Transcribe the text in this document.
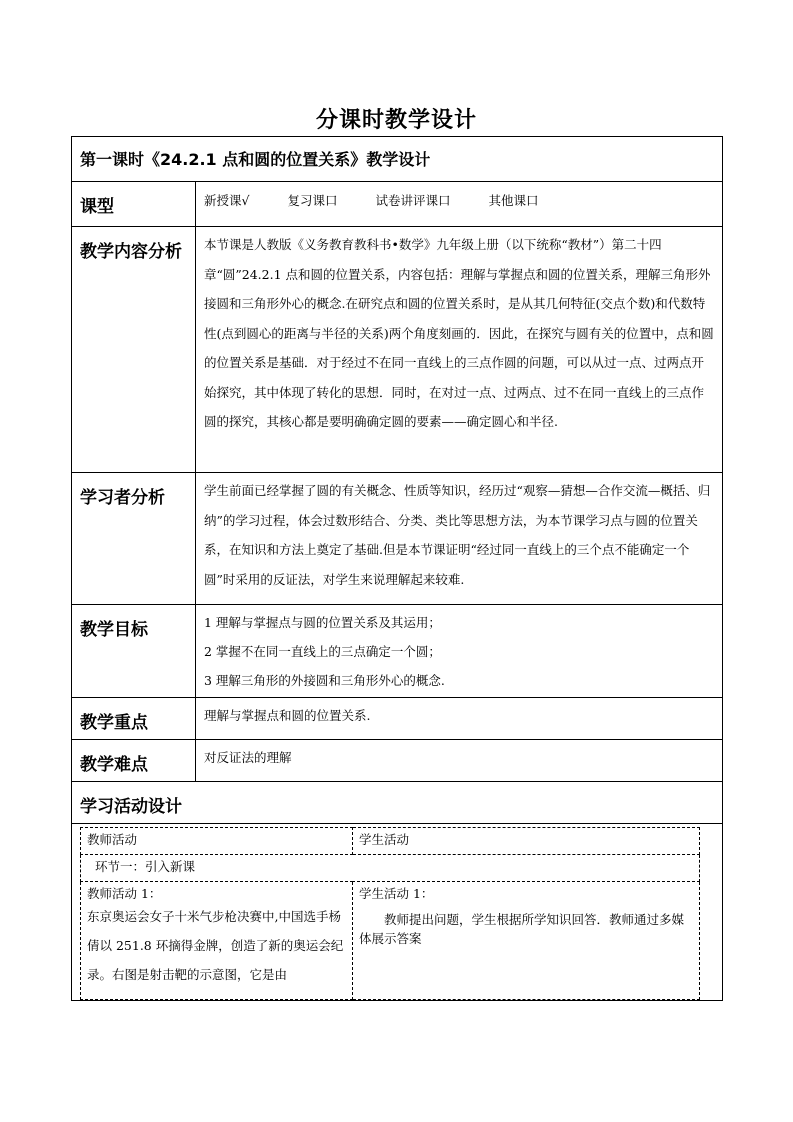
分课时教学设计
第一课时《24.2.1 点和圆的位置关系》教学设计
课型	新授课√	复习课口	试卷讲评课口	其他课口
教学内容分析	本节课是人教版《义务教育教科书•数学》九年级上册（以下统称“教材”）第二十四章“圆”24.2.1 点和圆的位置关系，内容包括：理解与掌握点和圆的位置关系，理解三角形外接圆和三角形外心的概念.在研究点和圆的位置关系时，是从其几何特征(交点个数)和代数特性(点到圆心的距离与半径的关系)两个角度刻画的．因此，在探究与圆有关的位置中，点和圆的位置关系是基础．对于经过不在同一直线上的三点作圆的问题，可以从过一点、过两点开始探究，其中体现了转化的思想．同时，在对过一点、过两点、过不在同一直线上的三点作圆的探究，其核心都是要明确确定圆的要素——确定圆心和半径.
学习者分析	学生前面已经掌握了圆的有关概念、性质等知识，经历过“观察—猜想—合作交流—概括、归纳”的学习过程，体会过数形结合、分类、类比等思想方法，为本节课学习点与圆的位置关系，在知识和方法上奠定了基础.但是本节课证明“经过同一直线上的三个点不能确定一个圆”时采用的反证法，对学生来说理解起来较难.
教学目标	1 理解与掌握点与圆的位置关系及其运用；
2 掌握不在同一直线上的三点确定一个圆；
3 理解三角形的外接圆和三角形外心的概念.

教学重点	理解与掌握点和圆的位置关系.
教学难点	对反证法的理解
学习活动设计

教师活动	学生活动
环节一：引入新课

教师活动 1：
东京奥运会女子十米气步枪决赛中,中国选手杨倩以 251.8 环摘得金牌，创造了新的奥运会纪录。右图是射击靶的示意图，它是由

学生活动 1：
教师提出问题，学生根据所学知识回答．教师通过多媒体展示答案
